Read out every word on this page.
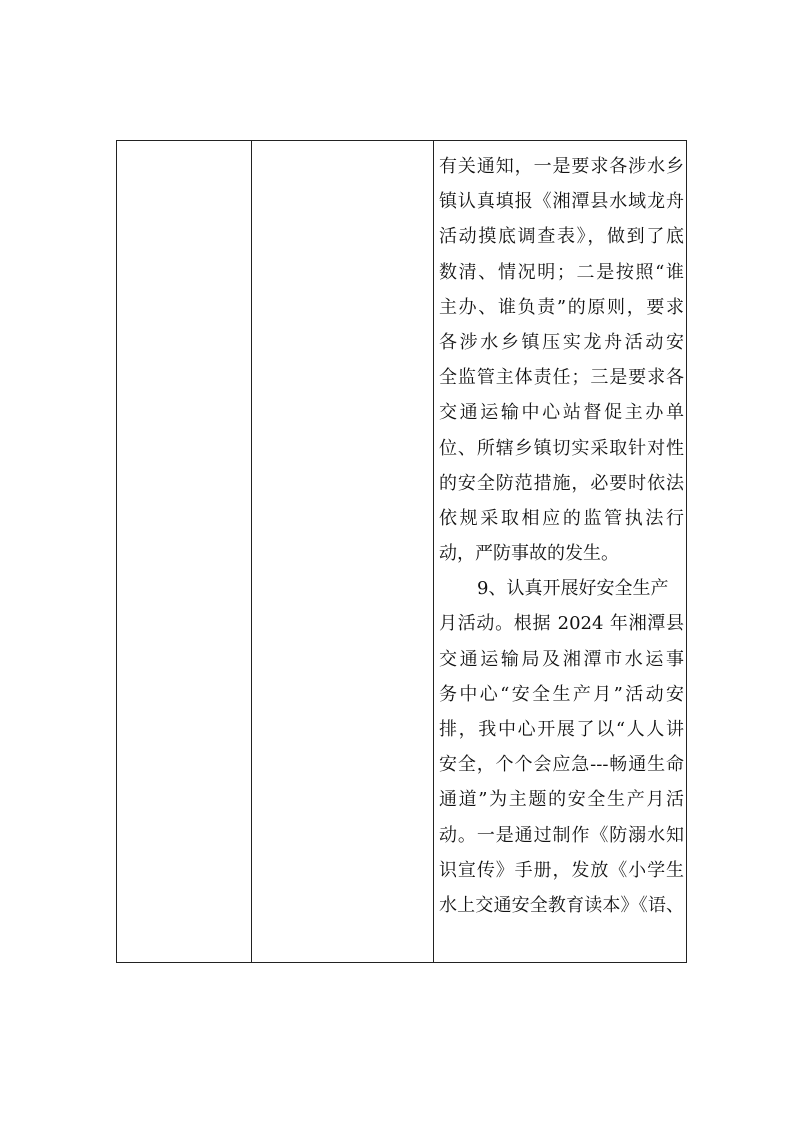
有关通知，一是要求各涉水乡
镇认真填报《湘潭县水域龙舟
活动摸底调查表》，做到了底
数清、情况明；二是按照“谁
主办、谁负责”的原则，要求
各涉水乡镇压实龙舟活动安
全监管主体责任；三是要求各
交通运输中心站督促主办单
位、所辖乡镇切实采取针对性
的安全防范措施，必要时依法
依规采取相应的监管执法行
动，严防事故的发生。
9、认真开展好安全生产
月活动。根据 2024 年湘潭县
交通运输局及湘潭市水运事
务中心“安全生产月”活动安
排，我中心开展了以“人人讲
安全，个个会应急---畅通生命
通道”为主题的安全生产月活
动。一是通过制作《防溺水知
识宣传》手册，发放《小学生
水上交通安全教育读本》《语、
